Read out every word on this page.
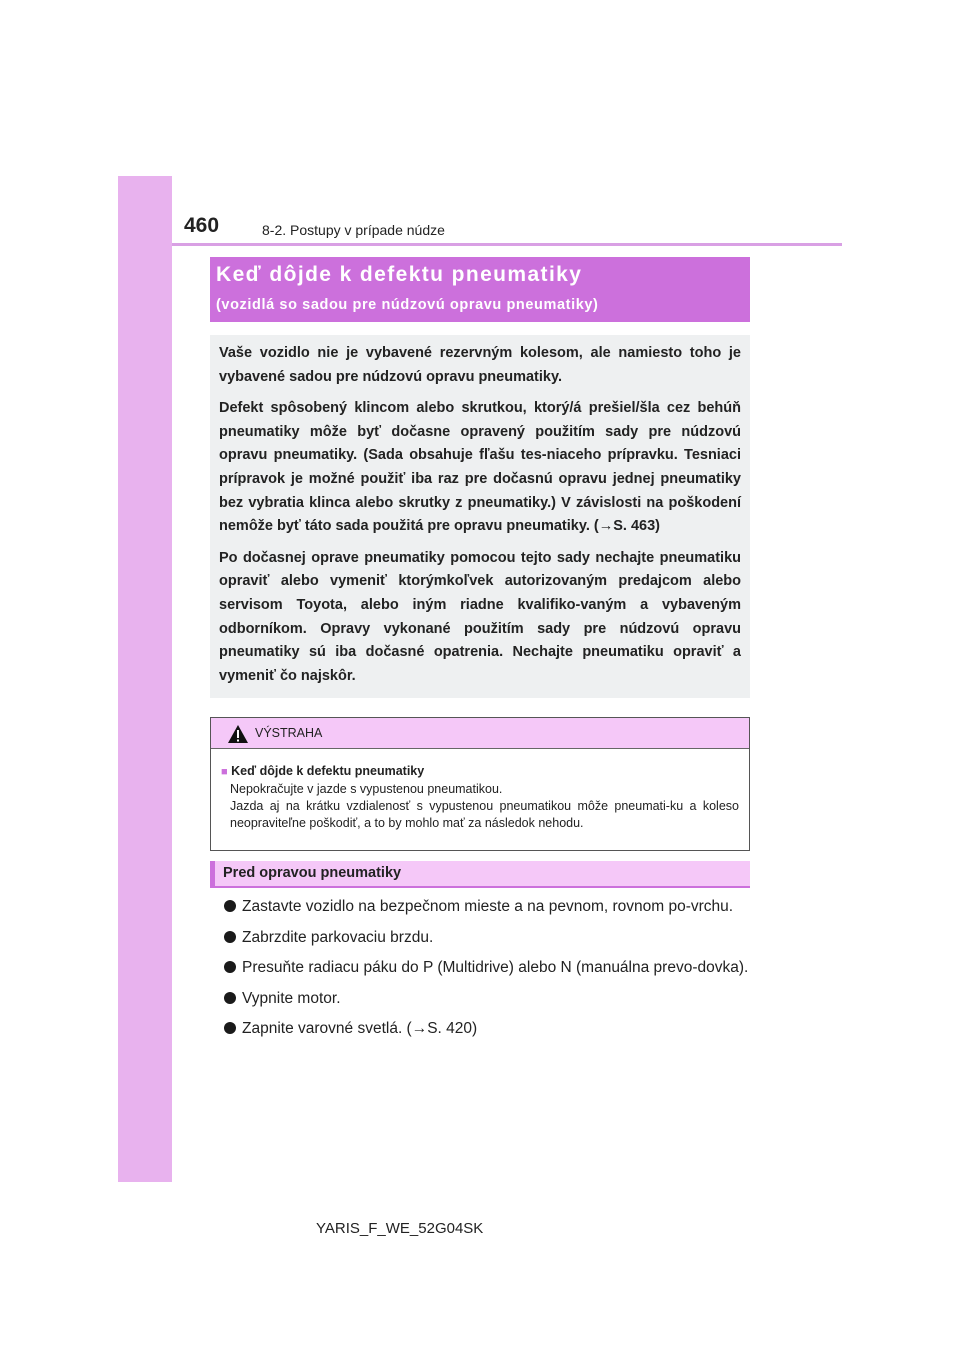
460	8-2. Postupy v prípade núdze
Keď dôjde k defektu pneumatiky
(vozidlá so sadou pre núdzovú opravu pneumatiky)

Vaše vozidlo nie je vybavené rezervným kolesom, ale namiesto toho je vybavené sadou pre núdzovú opravu pneumatiky.

Defekt spôsobený klincom alebo skrutkou, ktorý/á prešiel/šla cez behúň pneumatiky môže byť dočasne opravený použitím sady pre núdzovú opravu pneumatiky. (Sada obsahuje fľašu tes-niaceho prípravku. Tesniaci prípravok je možné použiť iba raz pre dočasnú opravu jednej pneumatiky bez vybratia klinca alebo skrutky z pneumatiky.) V závislosti na poškodení nemôže byť táto sada použitá pre opravu pneumatiky. (→S. 463)

Po dočasnej oprave pneumatiky pomocou tejto sady nechajte pneumatiku opraviť alebo vymeniť ktorýmkoľvek autorizovaným predajcom alebo servisom Toyota, alebo iným riadne kvalifiko-vaným a vybaveným odborníkom. Opravy vykonané použitím sady pre núdzovú opravu pneumatiky sú iba dočasné opatrenia. Nechajte pneumatiku opraviť a vymeniť čo najskôr.

VÝSTRAHA
■ Keď dôjde k defektu pneumatiky
Nepokračujte v jazde s vypustenou pneumatikou.
Jazda aj na krátku vzdialenosť s vypustenou pneumatikou môže pneumati-ku a koleso neopraviteľne poškodiť, a to by mohlo mať za následok nehodu.
Pred opravou pneumatiky
Zastavte vozidlo na bezpečnom mieste a na pevnom, rovnom po-vrchu.
Zabrzdite parkovaciu brzdu.
Presuňte radiacu páku do P (Multidrive) alebo N (manuálna prevo-dovka).
Vypnite motor.
Zapnite varovné svetlá. (→S. 420)
YARIS_F_WE_52G04SK
